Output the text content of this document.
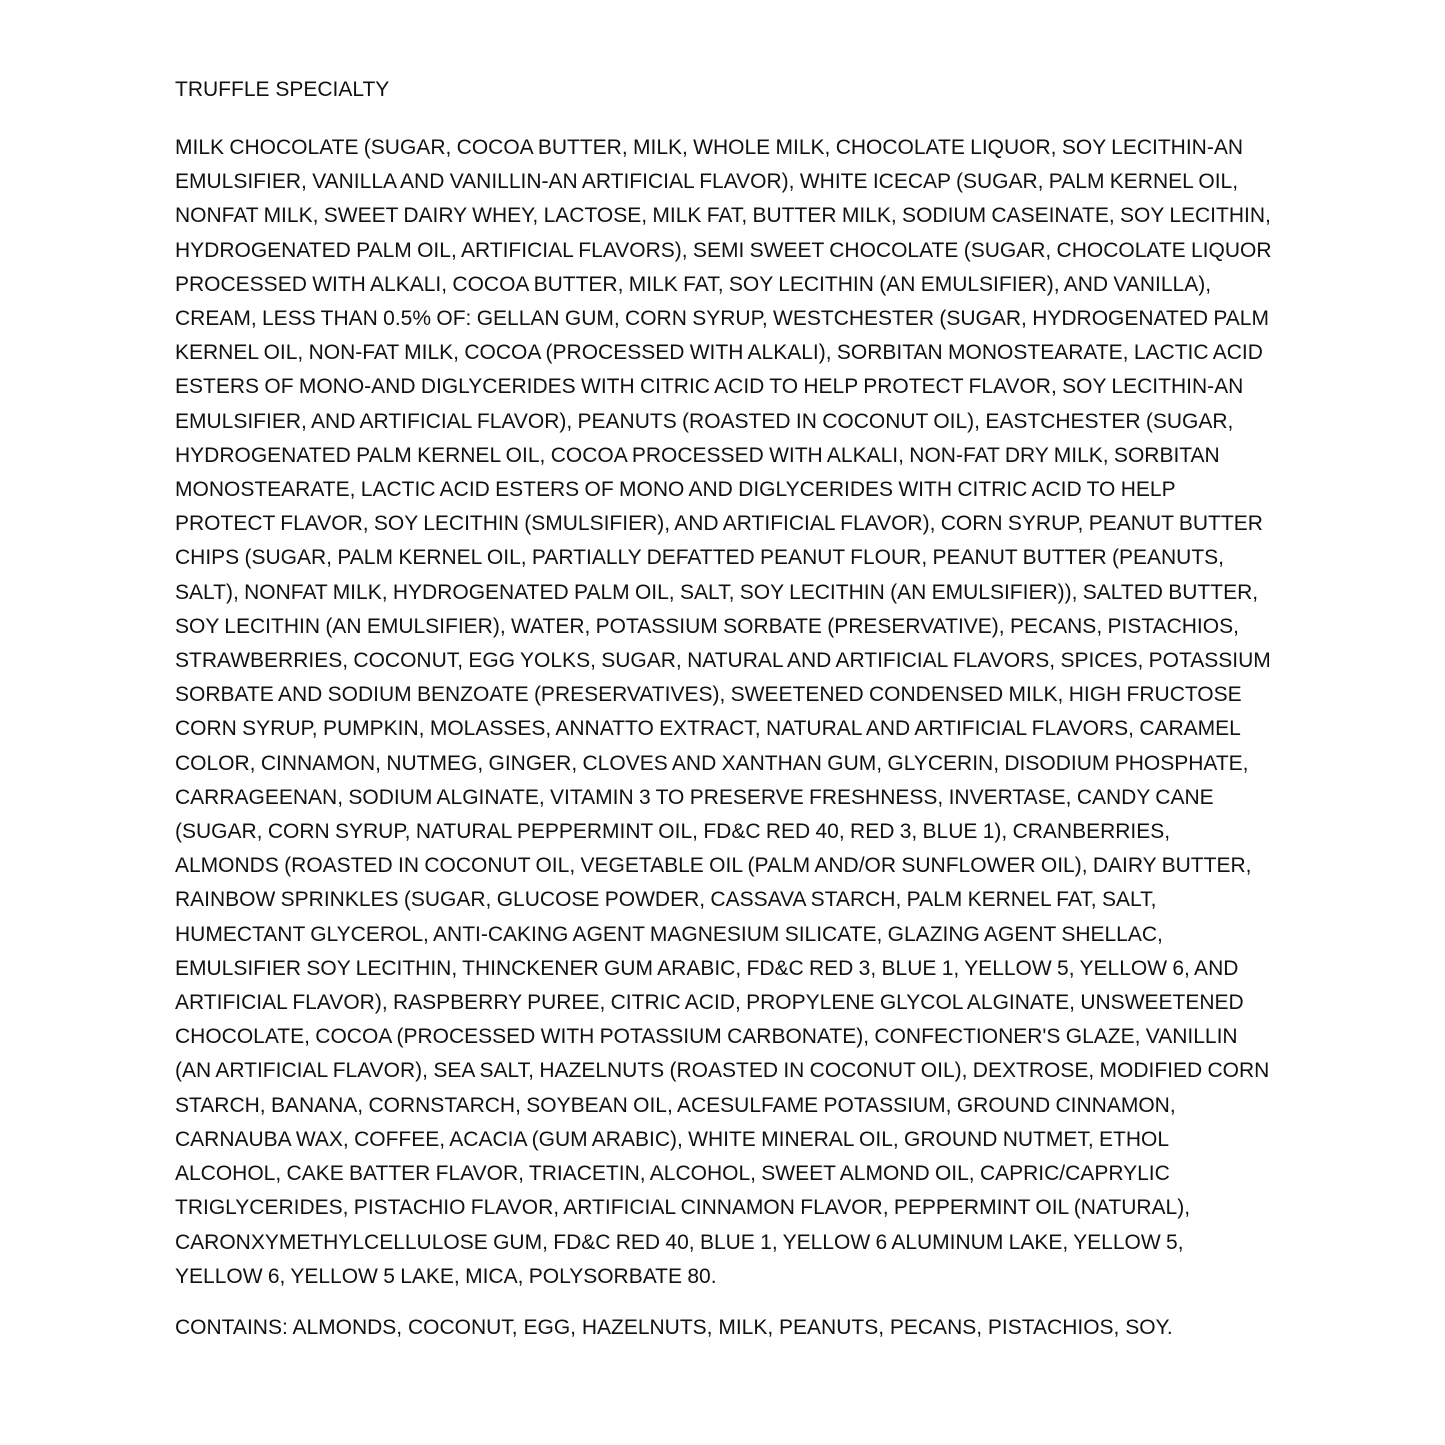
TRUFFLE SPECIALTY

MILK CHOCOLATE (SUGAR, COCOA BUTTER, MILK, WHOLE MILK, CHOCOLATE LIQUOR, SOY LECITHIN-AN EMULSIFIER, VANILLA AND VANILLIN-AN ARTIFICIAL FLAVOR), WHITE ICECAP (SUGAR, PALM KERNEL OIL, NONFAT MILK, SWEET DAIRY WHEY, LACTOSE, MILK FAT, BUTTER MILK, SODIUM CASEINATE, SOY LECITHIN, HYDROGENATED PALM OIL, ARTIFICIAL FLAVORS), SEMI SWEET CHOCOLATE (SUGAR, CHOCOLATE LIQUOR PROCESSED WITH ALKALI, COCOA BUTTER, MILK FAT, SOY LECITHIN (AN EMULSIFIER), AND VANILLA), CREAM, LESS THAN 0.5% OF: GELLAN GUM, CORN SYRUP, WESTCHESTER (SUGAR, HYDROGENATED PALM KERNEL OIL, NON-FAT MILK, COCOA (PROCESSED WITH ALKALI), SORBITAN MONOSTEARATE, LACTIC ACID ESTERS OF MONO-AND DIGLYCERIDES WITH CITRIC ACID TO HELP PROTECT FLAVOR, SOY LECITHIN-AN EMULSIFIER, AND ARTIFICIAL FLAVOR), PEANUTS (ROASTED IN COCONUT OIL), EASTCHESTER (SUGAR, HYDROGENATED PALM KERNEL OIL, COCOA PROCESSED WITH ALKALI, NON-FAT DRY MILK, SORBITAN MONOSTEARATE, LACTIC ACID ESTERS OF MONO AND DIGLYCERIDES WITH CITRIC ACID TO HELP PROTECT FLAVOR, SOY LECITHIN (SMULSIFIER), AND ARTIFICIAL FLAVOR), CORN SYRUP, PEANUT BUTTER CHIPS (SUGAR, PALM KERNEL OIL, PARTIALLY DEFATTED PEANUT FLOUR, PEANUT BUTTER (PEANUTS, SALT), NONFAT MILK, HYDROGENATED PALM OIL, SALT, SOY LECITHIN (AN EMULSIFIER)), SALTED BUTTER, SOY LECITHIN (AN EMULSIFIER), WATER, POTASSIUM SORBATE (PRESERVATIVE), PECANS, PISTACHIOS, STRAWBERRIES, COCONUT, EGG YOLKS, SUGAR, NATURAL AND ARTIFICIAL FLAVORS, SPICES, POTASSIUM SORBATE AND SODIUM BENZOATE (PRESERVATIVES), SWEETENED CONDENSED MILK, HIGH FRUCTOSE CORN SYRUP, PUMPKIN, MOLASSES, ANNATTO EXTRACT, NATURAL AND ARTIFICIAL FLAVORS, CARAMEL COLOR, CINNAMON, NUTMEG, GINGER, CLOVES AND XANTHAN GUM, GLYCERIN, DISODIUM PHOSPHATE, CARRAGEENAN, SODIUM ALGINATE, VITAMIN 3 TO PRESERVE FRESHNESS, INVERTASE, CANDY CANE (SUGAR, CORN SYRUP, NATURAL PEPPERMINT OIL, FD&C RED 40, RED 3, BLUE 1), CRANBERRIES, ALMONDS (ROASTED IN COCONUT OIL, VEGETABLE OIL (PALM AND/OR SUNFLOWER OIL), DAIRY BUTTER, RAINBOW SPRINKLES (SUGAR, GLUCOSE POWDER, CASSAVA STARCH, PALM KERNEL FAT, SALT, HUMECTANT GLYCEROL, ANTI-CAKING AGENT MAGNESIUM SILICATE, GLAZING AGENT SHELLAC, EMULSIFIER SOY LECITHIN, THINCKENER GUM ARABIC, FD&C RED 3, BLUE 1, YELLOW 5, YELLOW 6, AND ARTIFICIAL FLAVOR), RASPBERRY PUREE, CITRIC ACID, PROPYLENE GLYCOL ALGINATE, UNSWEETENED CHOCOLATE, COCOA (PROCESSED WITH POTASSIUM CARBONATE), CONFECTIONER'S GLAZE, VANILLIN (AN ARTIFICIAL FLAVOR), SEA SALT, HAZELNUTS (ROASTED IN COCONUT OIL), DEXTROSE, MODIFIED CORN STARCH, BANANA, CORNSTARCH, SOYBEAN OIL, ACESULFAME POTASSIUM, GROUND CINNAMON, CARNAUBA WAX, COFFEE, ACACIA (GUM ARABIC), WHITE MINERAL OIL, GROUND NUTMET, ETHOL ALCOHOL, CAKE BATTER FLAVOR, TRIACETIN, ALCOHOL, SWEET ALMOND OIL, CAPRIC/CAPRYLIC TRIGLYCERIDES, PISTACHIO FLAVOR, ARTIFICIAL CINNAMON FLAVOR, PEPPERMINT OIL (NATURAL), CARONXYMETHYLCELLULOSE GUM, FD&C RED 40, BLUE 1, YELLOW 6 ALUMINUM LAKE, YELLOW 5, YELLOW 6, YELLOW 5 LAKE, MICA, POLYSORBATE 80.

CONTAINS: ALMONDS, COCONUT, EGG, HAZELNUTS, MILK, PEANUTS, PECANS, PISTACHIOS, SOY.
